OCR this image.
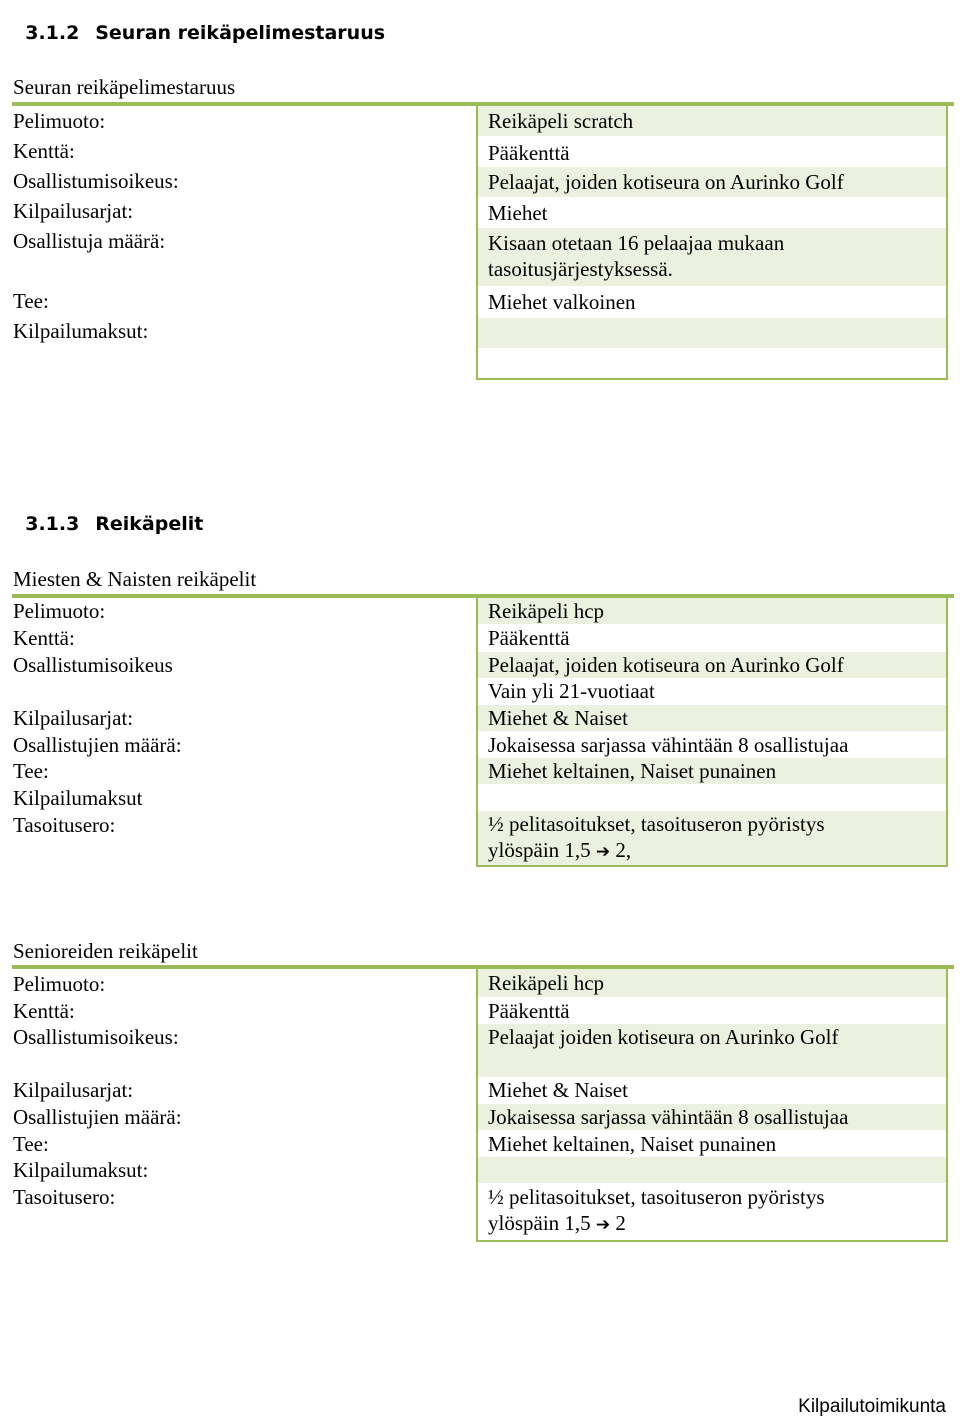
3.1.2 Seuran reikäpelimestaruus

Seuran reikäpelimestaruus
Pelimuoto:
Kenttä:
Osallistumisoikeus:
Kilpailusarjat:
Osallistuja määrä:
Tee:
Kilpailumaksut:
Reikäpeli scratch
Pääkenttä
Pelaajat, joiden kotiseura on Aurinko Golf
Miehet
Kisaan otetaan 16 pelaajaa mukaan
tasoitusjärjestyksessä.
Miehet valkoinen

3.1.3 Reikäpelit

Miesten & Naisten reikäpelit
Pelimuoto:
Kenttä:
Osallistumisoikeus
Kilpailusarjat:
Osallistujien määrä:
Tee:
Kilpailumaksut
Tasoitusero:
Reikäpeli hcp
Pääkenttä
Pelaajat, joiden kotiseura on Aurinko Golf
Vain yli 21-vuotiaat
Miehet & Naiset
Jokaisessa sarjassa vähintään 8 osallistujaa
Miehet keltainen, Naiset punainen
½ pelitasoitukset, tasoituseron pyöristys
ylöspäin 1,5 ➔ 2,
Senioreiden reikäpelit
Pelimuoto:
Kenttä:
Osallistumisoikeus:
Kilpailusarjat:
Osallistujien määrä:
Tee:
Kilpailumaksut:
Tasoitusero:
Reikäpeli hcp
Pääkenttä
Pelaajat joiden kotiseura on Aurinko Golf
Miehet & Naiset
Jokaisessa sarjassa vähintään 8 osallistujaa
Miehet keltainen, Naiset punainen
½ pelitasoitukset, tasoituseron pyöristys
ylöspäin 1,5 ➔ 2
Kilpailutoimikunta
